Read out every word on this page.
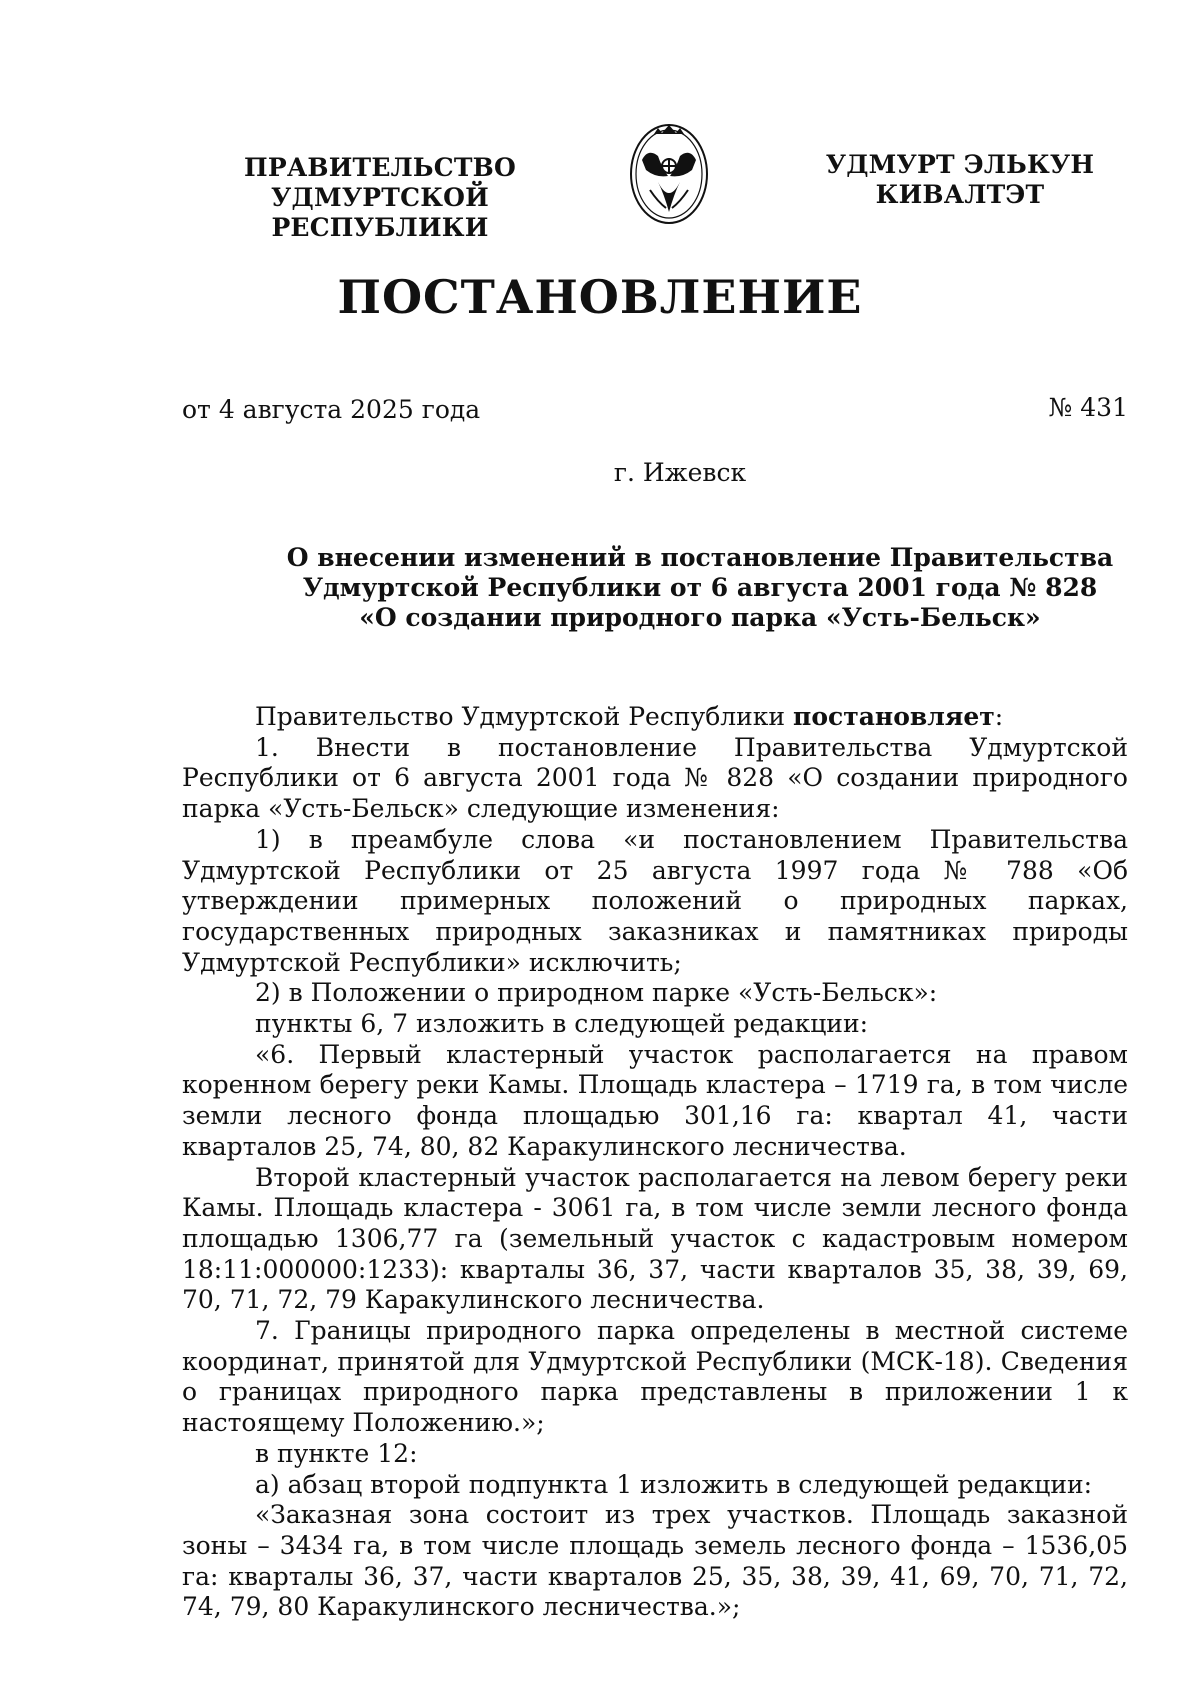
ПРАВИТЕЛЬСТВО
УДМУРТСКОЙ РЕСПУБЛИКИ
УДМУРТ ЭЛЬКУН
КИВАЛТЭТ
ПОСТАНОВЛЕНИЕ
от 4 августа 2025 года	№ 431
г. Ижевск
О внесении изменений в постановление Правительства
Удмуртской Республики от 6 августа 2001 года № 828
«О создании природного парка «Усть-Бельск»

Правительство Удмуртской Республики постановляет:

1. Внести в постановление Правительства Удмуртской Республики от 6 августа 2001 года № 828 «О создании природного парка «Усть-Бельск» следующие изменения:

1) в преамбуле слова «и постановлением Правительства Удмуртской Республики от 25 августа 1997 года № 788 «Об утверждении примерных положений о природных парках, государственных природных заказниках и памятниках природы Удмуртской Республики» исключить;

2) в Положении о природном парке «Усть-Бельск»:

пункты 6, 7 изложить в следующей редакции:

«6. Первый кластерный участок располагается на правом коренном берегу реки Камы. Площадь кластера – 1719 га, в том числе земли лесного фонда площадью 301,16 га: квартал 41, части кварталов 25, 74, 80, 82 Каракулинского лесничества.

Второй кластерный участок располагается на левом берегу реки Камы. Площадь кластера - 3061 га, в том числе земли лесного фонда площадью 1306,77 га (земельный участок с кадастровым номером 18:11:000000:1233): кварталы 36, 37, части кварталов 35, 38, 39, 69, 70, 71, 72, 79 Каракулинского лесничества.

7. Границы природного парка определены в местной системе координат, принятой для Удмуртской Республики (МСК-18). Сведения о границах природного парка представлены в приложении 1 к настоящему Положению.»;

в пункте 12:

а) абзац второй подпункта 1 изложить в следующей редакции:

«Заказная зона состоит из трех участков. Площадь заказной зоны – 3434 га, в том числе площадь земель лесного фонда – 1536,05 га: кварталы 36, 37, части кварталов 25, 35, 38, 39, 41, 69, 70, 71, 72, 74, 79, 80 Каракулинского лесничества.»;
